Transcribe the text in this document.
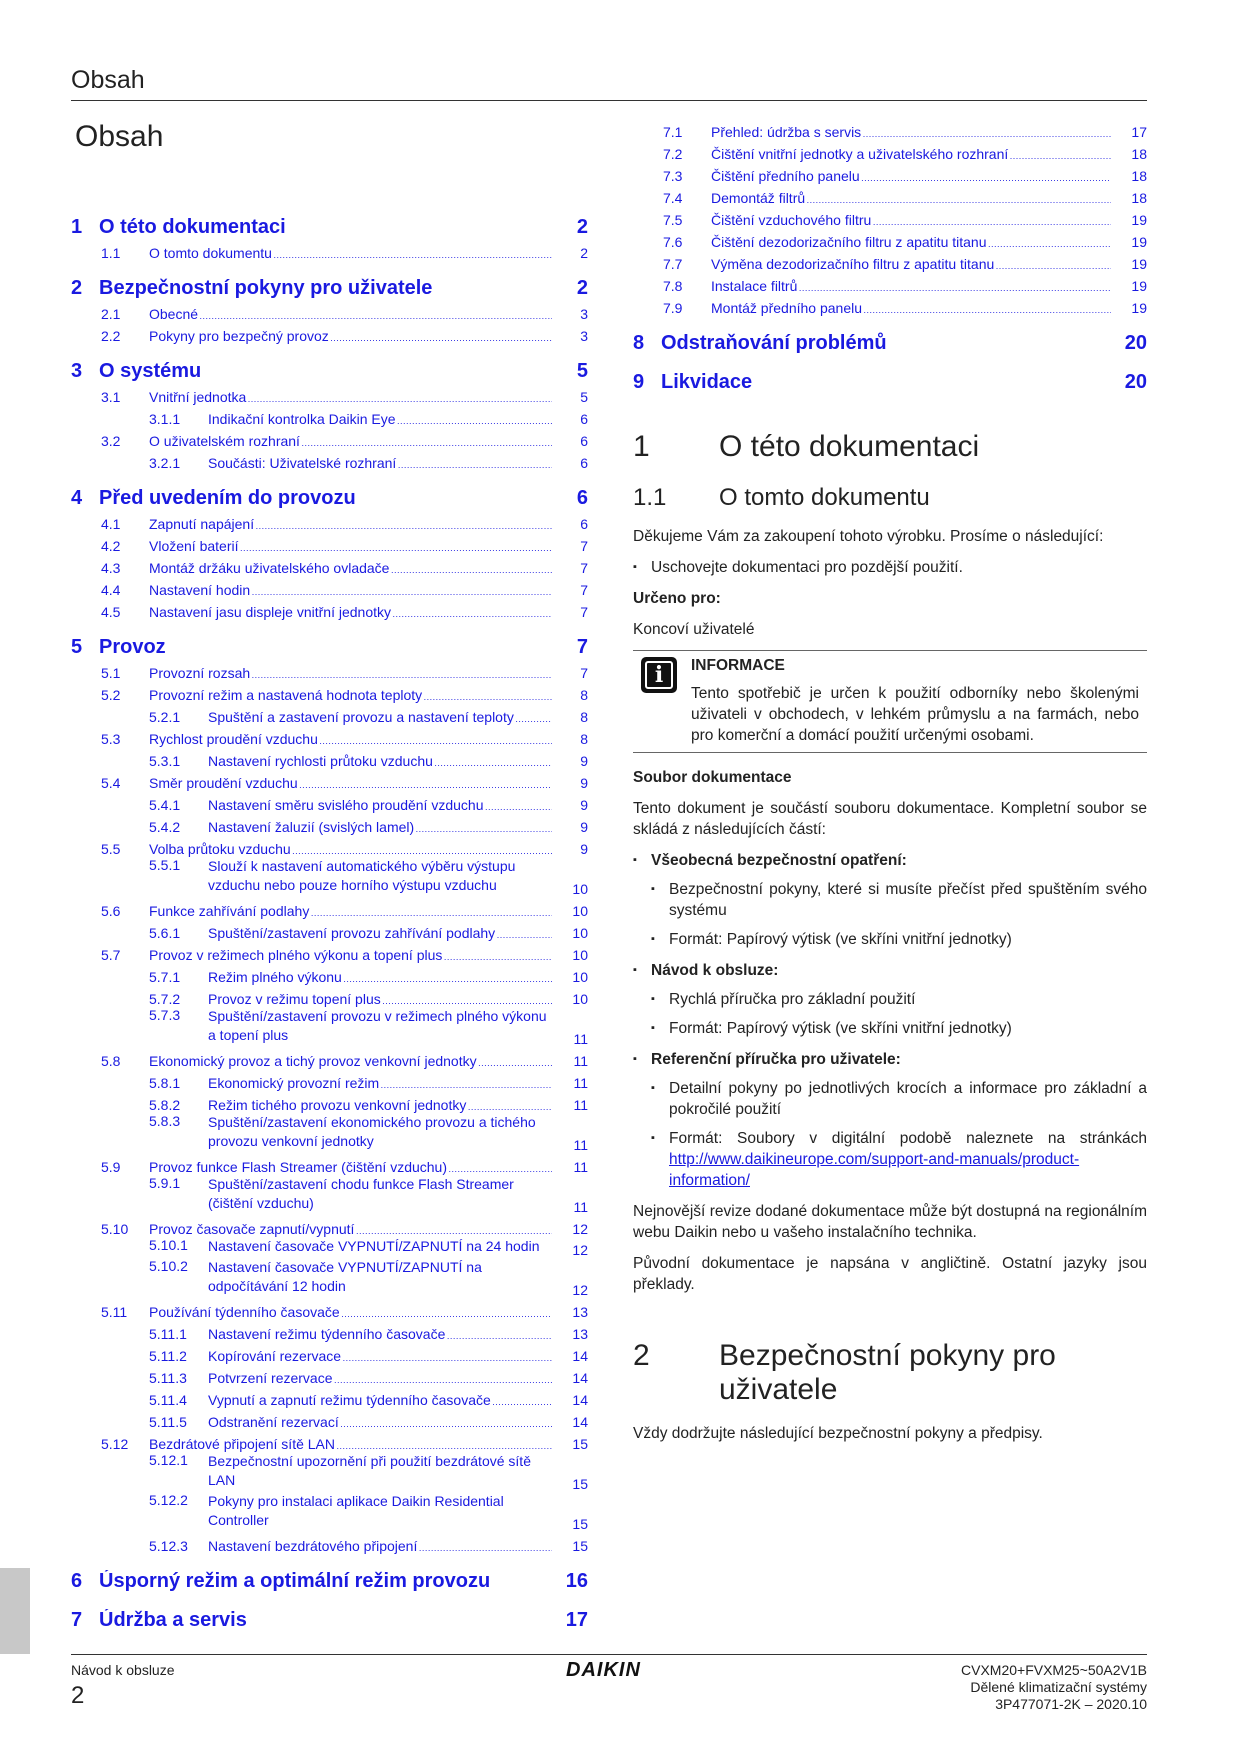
Obsah
Obsah
1 O této dokumentaci	2
1.1	O tomto dokumentu . . .	2
2 Bezpečnostní pokyny pro uživatele	2
2.1	Obecné . . .	3
2.2	Pokyny pro bezpečný provoz . . .	3
3 O systému	5
3.1	Vnitřní jednotka . . .	5
3.1.1	Indikační kontrolka Daikin Eye . . .	6
3.2	O uživatelském rozhraní . . .	6
3.2.1	Součásti: Uživatelské rozhraní . . .	6
4 Před uvedením do provozu	6
4.1	Zapnutí napájení . . .	6
4.2	Vložení baterií . . .	7
4.3	Montáž držáku uživatelského ovladače . . .	7
4.4	Nastavení hodin . . .	7
4.5	Nastavení jasu displeje vnitřní jednotky . . .	7
5 Provoz	7
5.1	Provozní rozsah . . .	7
5.2	Provozní režim a nastavená hodnota teploty . . .	8
5.2.1	Spuštění a zastavení provozu a nastavení teploty . . .	8
5.3	Rychlost proudění vzduchu . . .	8
5.3.1	Nastavení rychlosti průtoku vzduchu . . .	9
5.4	Směr proudění vzduchu . . .	9
5.4.1	Nastavení směru svislého proudění vzduchu . . .	9
5.4.2	Nastavení žaluzií (svislých lamel) . . .	9
5.5	Volba průtoku vzduchu . . .	9
5.5.1	Slouží k nastavení automatického výběru výstupu vzduchu nebo pouze horního výstupu vzduchu	10
5.6	Funkce zahřívání podlahy . . .	10
5.6.1	Spuštění/zastavení provozu zahřívání podlahy . . .	10
5.7	Provoz v režimech plného výkonu a topení plus . . .	10
5.7.1	Režim plného výkonu . . .	10
5.7.2	Provoz v režimu topení plus . . .	10
5.7.3	Spuštění/zastavení provozu v režimech plného výkonu a topení plus	11
5.8	Ekonomický provoz a tichý provoz venkovní jednotky . . .	11
5.8.1	Ekonomický provozní režim . . .	11
5.8.2	Režim tichého provozu venkovní jednotky . . .	11
5.8.3	Spuštění/zastavení ekonomického provozu a tichého provozu venkovní jednotky	11
5.9	Provoz funkce Flash Streamer (čištění vzduchu) . . .	11
5.9.1	Spuštění/zastavení chodu funkce Flash Streamer (čištění vzduchu)	11
5.10	Provoz časovače zapnutí/vypnutí . . .	12
5.10.1	Nastavení časovače VYPNUTÍ/ZAPNUTÍ na 24 hodin	12
5.10.2	Nastavení časovače VYPNUTÍ/ZAPNUTÍ na odpočítávání 12 hodin	12
5.11	Používání týdenního časovače . . .	13
5.11.1	Nastavení režimu týdenního časovače . . .	13
5.11.2	Kopírování rezervace . . .	14
5.11.3	Potvrzení rezervace . . .	14
5.11.4	Vypnutí a zapnutí režimu týdenního časovače . . .	14
5.11.5	Odstranění rezervací . . .	14
5.12	Bezdrátové připojení sítě LAN . . .	15
5.12.1	Bezpečnostní upozornění při použití bezdrátové sítě LAN	15
5.12.2	Pokyny pro instalaci aplikace Daikin Residential Controller	15
5.12.3	Nastavení bezdrátového připojení . . .	15
6 Úsporný režim a optimální režim provozu	16
7 Údržba a servis	17
7.1	Přehled: údržba s servis . . .	17
7.2	Čištění vnitřní jednotky a uživatelského rozhraní . . .	18
7.3	Čištění předního panelu . . .	18
7.4	Demontáž filtrů . . .	18
7.5	Čištění vzduchového filtru . . .	19
7.6	Čištění dezodorizačního filtru z apatitu titanu . . .	19
7.7	Výměna dezodorizačního filtru z apatitu titanu . . .	19
7.8	Instalace filtrů . . .	19
7.9	Montáž předního panelu . . .	19
8 Odstraňování problémů	20
9 Likvidace	20
1	O této dokumentaci
1.1	O tomto dokumentu

Děkujeme Vám za zakoupení tohoto výrobku. Prosíme o následující:

▪ Uschovejte dokumentaci pro pozdější použití.

Určeno pro:

Koncoví uživatelé

i	INFORMACE
Tento spotřebič je určen k použití odborníky nebo školenými uživateli v obchodech, v lehkém průmyslu a na farmách, nebo pro komerční a domácí použití určenými osobami.

Soubor dokumentace

Tento dokument je součástí souboru dokumentace. Kompletní soubor se skládá z následujících částí:

▪ Všeobecná bezpečnostní opatření:
▪ Bezpečnostní pokyny, které si musíte přečíst před spuštěním svého systému
▪ Formát: Papírový výtisk (ve skříni vnitřní jednotky)
▪ Návod k obsluze:
▪ Rychlá příručka pro základní použití
▪ Formát: Papírový výtisk (ve skříni vnitřní jednotky)
▪ Referenční příručka pro uživatele:
▪ Detailní pokyny po jednotlivých krocích a informace pro základní a pokročilé použití
▪ Formát: Soubory v digitální podobě naleznete na stránkách http://www.daikineurope.com/support-and-manuals/product-information/

Nejnovější revize dodané dokumentace může být dostupná na regionálním webu Daikin nebo u vašeho instalačního technika.

Původní dokumentace je napsána v angličtině. Ostatní jazyky jsou překlady.

2	Bezpečnostní pokyny pro uživatele

Vždy dodržujte následující bezpečnostní pokyny a předpisy.

Návod k obsluze
2
DAIKIN	CVXM20+FVXM25~50A2V1B
Dělené klimatizační systémy
3P477071-2K – 2020.10
